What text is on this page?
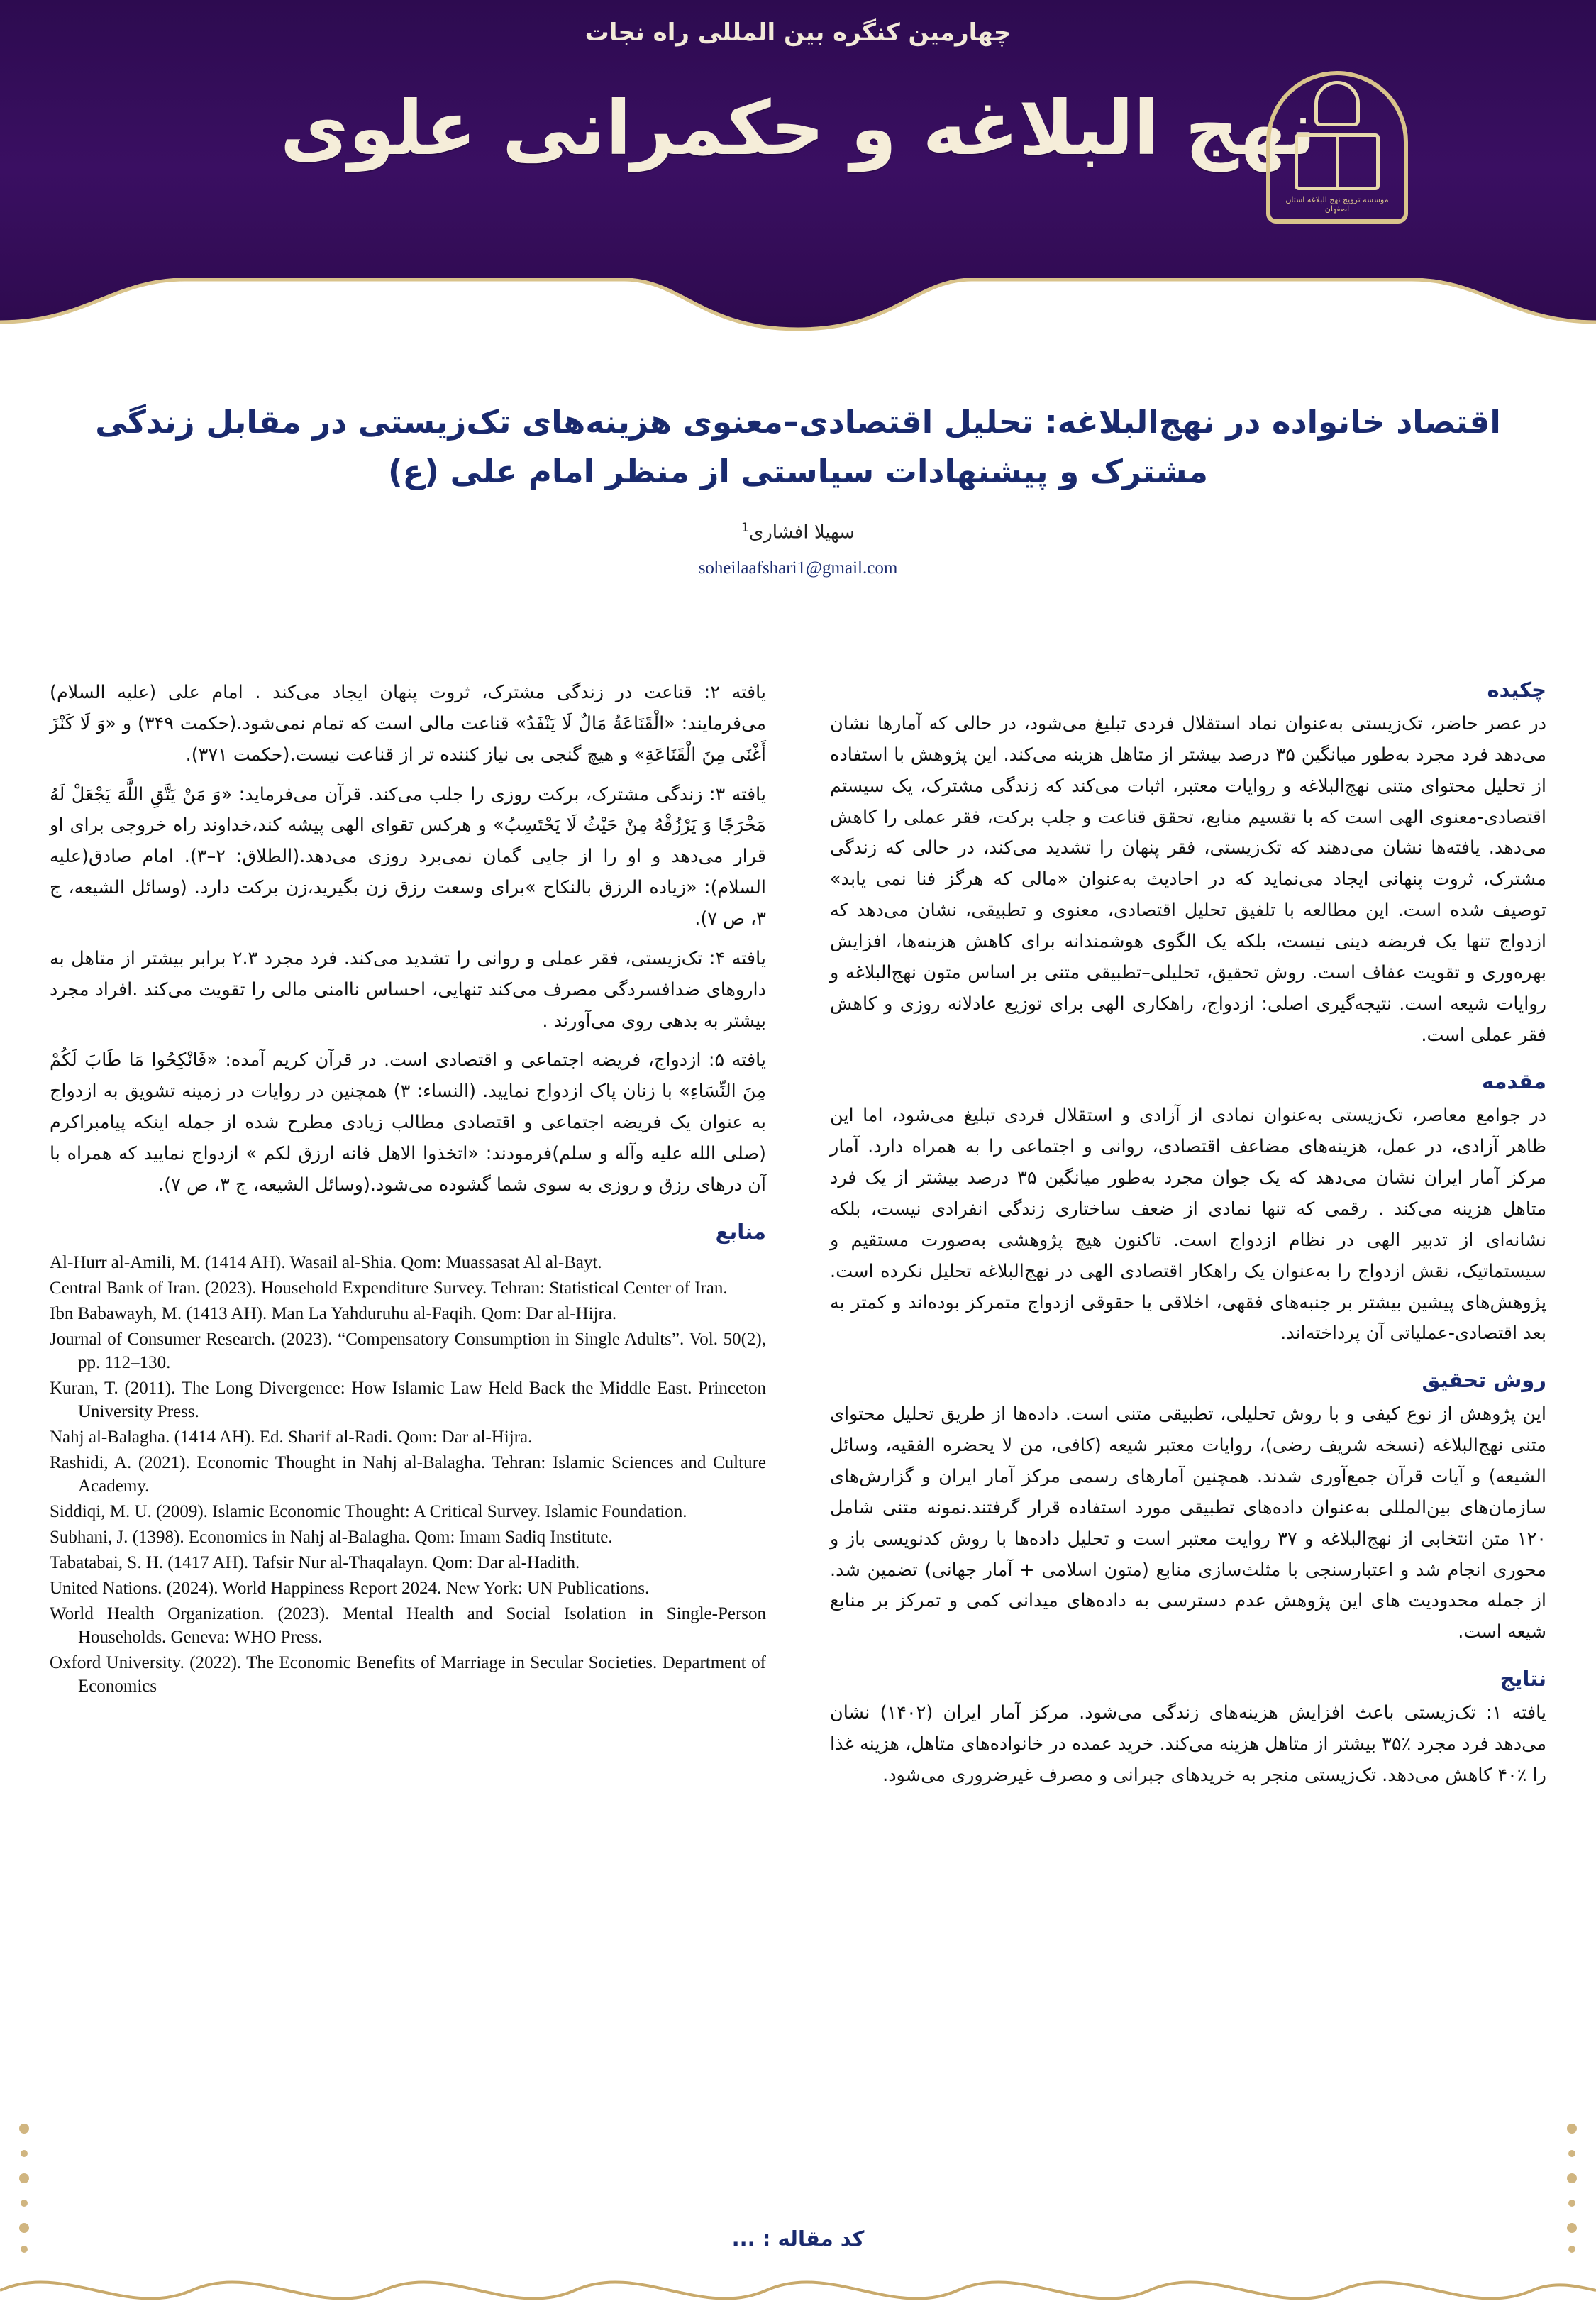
چهارمین کنگره بین المللی راه نجات
نهج البلاغه و حکمرانی علوی
موسسه ترویج نهج البلاغه استان اصفهان
اقتصاد خانواده در نهج‌البلاغه: تحلیل اقتصادی–معنوی هزینه‌های تک‌زیستی در مقابل زندگی مشترک و پیشنهادات سیاستی از منظر امام علی (ع)
سهیلا افشاری$^1$
soheilaafshari1@gmail.com
چکیده

در عصر حاضر، تک‌زیستی به‌عنوان نماد استقلال فردی تبلیغ می‌شود، در حالی که آمارها نشان می‌دهد فرد مجرد به‌طور میانگین ۳۵ درصد بیشتر از متاهل هزینه می‌کند. این پژوهش با استفاده از تحلیل محتوای متنی نهج‌البلاغه و روایات معتبر، اثبات می‌کند که زندگی مشترک، یک سیستم اقتصادی-معنوی الهی است که با تقسیم منابع، تحقق قناعت و جلب برکت، فقر عملی را کاهش می‌دهد. یافته‌ها نشان می‌دهند که تک‌زیستی، فقر پنهان را تشدید می‌کند، در حالی که زندگی مشترک، ثروت پنهانی ایجاد می‌نماید که در احادیث به‌عنوان «مالی که هرگز فنا نمی یابد» توصیف شده است. این مطالعه با تلفیق تحلیل اقتصادی، معنوی و تطبیقی، نشان می‌دهد که ازدواج تنها یک فریضه دینی نیست، بلکه یک الگوی هوشمندانه برای کاهش هزینه‌ها، افزایش بهره‌وری و تقویت عفاف است. روش تحقیق، تحلیلی–تطبیقی متنی بر اساس متون نهج‌البلاغه و روایات شیعه است. نتیجه‌گیری اصلی: ازدواج، راهکاری الهی برای توزیع عادلانه روزی و کاهش فقر عملی است.

مقدمه

در جوامع معاصر، تک‌زیستی به‌عنوان نمادی از آزادی و استقلال فردی تبلیغ می‌شود، اما این ظاهر آزادی، در عمل، هزینه‌های مضاعف اقتصادی، روانی و اجتماعی را به همراه دارد. آمار مرکز آمار ایران نشان می‌دهد که یک جوان مجرد به‌طور میانگین ۳۵ درصد بیشتر از یک فرد متاهل هزینه می‌کند . رقمی که تنها نمادی از ضعف ساختاری زندگی انفرادی نیست، بلکه نشانه‌ای از تدبیر الهی در نظام ازدواج است. تاکنون هیچ پژوهشی به‌صورت مستقیم و سیستماتیک، نقش ازدواج را به‌عنوان یک راهکار اقتصادی الهی در نهج‌البلاغه تحلیل نکرده است. پژوهش‌های پیشین بیشتر بر جنبه‌های فقهی، اخلاقی یا حقوقی ازدواج متمرکز بوده‌اند و کمتر به بعد اقتصادی-عملیاتی آن پرداخته‌اند.

روش تحقیق

این پژوهش از نوع کیفی و با روش تحلیلی، تطبیقی متنی است. داده‌ها از طریق تحلیل محتوای متنی نهج‌البلاغه (نسخه شریف رضی)، روایات معتبر شیعه (کافی، من لا یحضره الفقیه، وسائل الشیعه) و آیات قرآن جمع‌آوری شدند. همچنین آمارهای رسمی مرکز آمار ایران و گزارش‌های سازمان‌های بین‌المللی به‌عنوان داده‌های تطبیقی مورد استفاده قرار گرفتند.نمونه متنی شامل ۱۲۰ متن انتخابی از نهج‌البلاغه و ۳۷ روایت معتبر است و تحلیل داده‌ها با روش کدنویسی باز و محوری انجام شد و اعتبارسنجی با مثلث‌سازی منابع (متون اسلامی + آمار جهانی) تضمین شد. از جمله محدودیت های این پژوهش عدم دسترسی به داده‌های میدانی کمی و تمرکز بر منابع شیعه است.

نتایج

یافته ۱: تک‌زیستی باعث افزایش هزینه‌های زندگی می‌شود. مرکز آمار ایران (۱۴۰۲) نشان می‌دهد فرد مجرد ٪۳۵ بیشتر از متاهل هزینه می‌کند. خرید عمده در خانواده‌های متاهل، هزینه غذا را ٪۴۰ کاهش می‌دهد. تک‌زیستی منجر به خریدهای جبرانی و مصرف غیرضروری می‌شود.

یافته ۲: قناعت در زندگی مشترک، ثروت پنهان ایجاد می‌کند . امام علی (علیه السلام) می‌فرمایند: «الْقَنَاعَةُ مَالٌ لَا یَنْفَدُ» قناعت مالی است که تمام نمی‌شود.(حکمت ۳۴۹) و «وَ لَا کَنْزَ أَغْنَى مِنَ الْقَنَاعَةِ» و هیچ گنجی بی نیاز کننده تر از قناعت نیست.(حکمت ۳۷۱).

یافته ۳: زندگی مشترک، برکت روزی را جلب می‌کند. قرآن می‌فرماید: «وَ مَنْ یَتَّقِ اللَّهَ یَجْعَلْ لَهُ مَخْرَجًا وَ یَرْزُقْهُ مِنْ حَیْثُ لَا یَحْتَسِبُ» و هرکس تقوای الهی پیشه کند،خداوند راه خروجی برای او قرار می‌دهد و او را از جایی گمان نمی‌برد روزی می‌دهد.(الطلاق: ۲–۳). امام صادق(علیه السلام): «زیاده الرزق بالنکاح »برای وسعت رزق زن بگیرید،زن برکت دارد. (وسائل الشیعه، ج ۳، ص ۷).

یافته ۴: تک‌زیستی، فقر عملی و روانی را تشدید می‌کند. فرد مجرد ۲.۳ برابر بیشتر از متاهل به داروهای ضدافسردگی مصرف می‌کند تنهایی، احساس ناامنی مالی را تقویت می‌کند .افراد مجرد بیشتر به بدهی روی می‌آورند .

یافته ۵: ازدواج، فریضه اجتماعی و اقتصادی است. در قرآن کریم آمده: «فَانْکِحُوا مَا طَابَ لَکُمْ مِنَ النِّسَاءِ» با زنان پاک ازدواج نمایید. (النساء: ۳) همچنین در روایات در زمینه تشویق به ازدواج به عنوان یک فریضه اجتماعی و اقتصادی مطالب زیادی مطرح شده از جمله اینکه پیامبراکرم (صلی الله علیه وآله و سلم)فرمودند: «اتخذوا الاهل فانه ارزق لکم » ازدواج نمایید که همراه با آن درهای رزق و روزی به سوی شما گشوده می‌شود.(وسائل الشیعه، ج ۳، ص ۷).

منابع
Al-Hurr al-Amili, M. (1414 AH). Wasail al-Shia. Qom: Muassasat Al al-Bayt.
Central Bank of Iran. (2023). Household Expenditure Survey. Tehran: Statistical Center of Iran.
Ibn Babawayh, M. (1413 AH). Man La Yahduruhu al-Faqih. Qom: Dar al-Hijra.
Journal of Consumer Research. (2023). “Compensatory Consumption in Single Adults”. Vol. 50(2), pp. 112–130.
Kuran, T. (2011). The Long Divergence: How Islamic Law Held Back the Middle East. Princeton University Press.
Nahj al-Balagha. (1414 AH). Ed. Sharif al-Radi. Qom: Dar al-Hijra.
Rashidi, A. (2021). Economic Thought in Nahj al-Balagha. Tehran: Islamic Sciences and Culture Academy.
Siddiqi, M. U. (2009). Islamic Economic Thought: A Critical Survey. Islamic Foundation.
Subhani, J. (1398). Economics in Nahj al-Balagha. Qom: Imam Sadiq Institute.
Tabatabai, S. H. (1417 AH). Tafsir Nur al-Thaqalayn. Qom: Dar al-Hadith.
United Nations. (2024). World Happiness Report 2024. New York: UN Publications.
World Health Organization. (2023). Mental Health and Social Isolation in Single-Person Households. Geneva: WHO Press.
Oxford University. (2022). The Economic Benefits of Marriage in Secular Societies. Department of Economics
کد مقاله : ...
